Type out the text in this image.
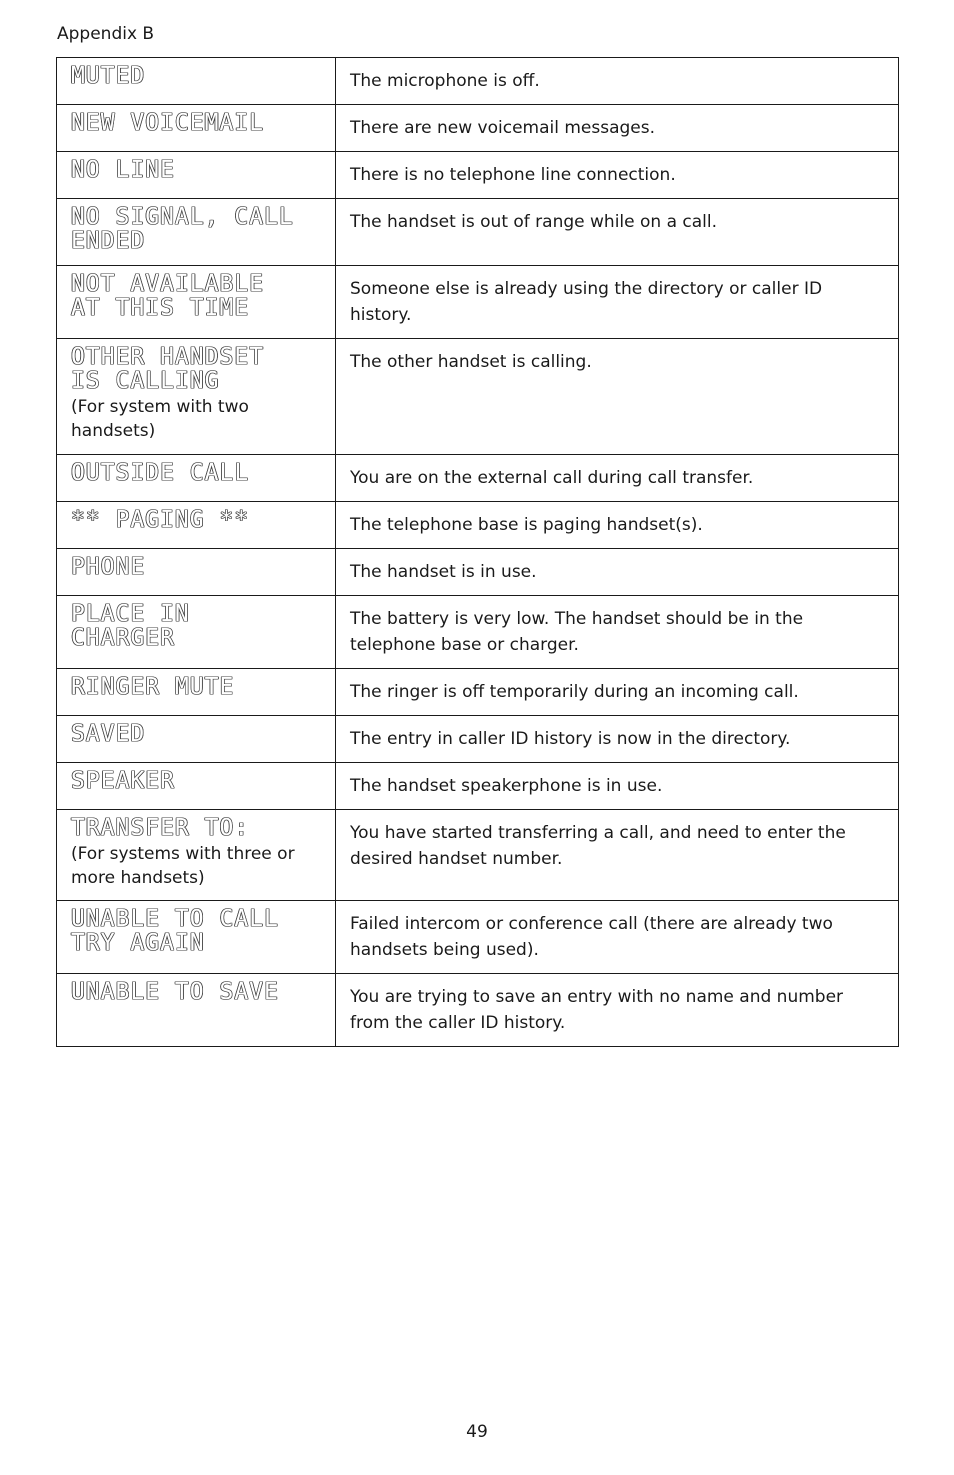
Appendix B
MUTED	The microphone is off.

NEW VOICEMAIL	There are new voicemail messages.

NO LINE	There is no telephone line connection.

NO SIGNAL, CALL
ENDED	The handset is out of range while on a call.

NOT AVAILABLE
AT THIS TIME	Someone else is already using the directory or caller ID history.

OTHER HANDSET
IS CALLING
(For system with two handsets)	The other handset is calling.

OUTSIDE CALL	You are on the external call during call transfer.

** PAGING **	The telephone base is paging handset(s).

PHONE	The handset is in use.

PLACE IN
CHARGER	The battery is very low. The handset should be in the telephone base or charger.

RINGER MUTE	The ringer is off temporarily during an incoming call.

SAVED	The entry in caller ID history is now in the directory.

SPEAKER	The handset speakerphone is in use.

TRANSFER TO:
(For systems with three or more handsets)	You have started transferring a call, and need to enter the desired handset number.

UNABLE TO CALL
TRY AGAIN	Failed intercom or conference call (there are already two handsets being used).

UNABLE TO SAVE	You are trying to save an entry with no name and number from the caller ID history.
49
